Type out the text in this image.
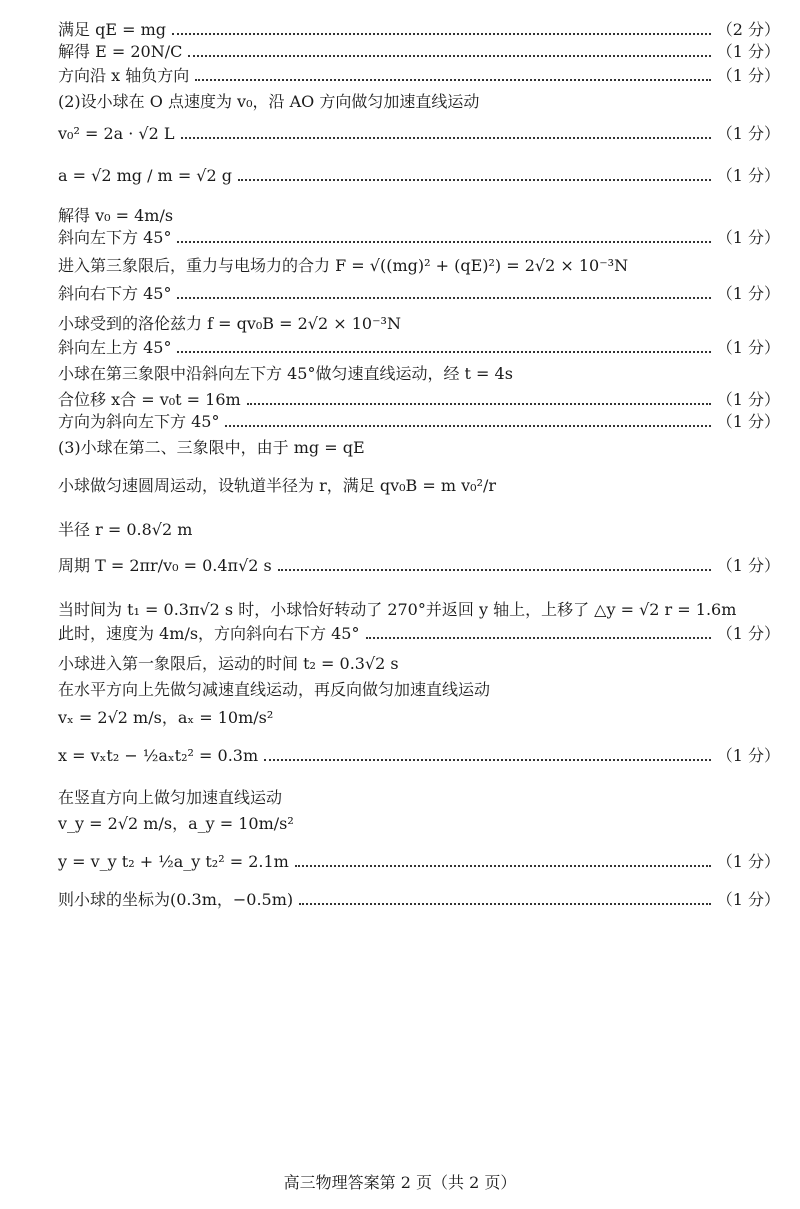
满足 qE = mg	（2 分）
解得 E = 20N/C	（1 分）
方向沿 x 轴负方向	（1 分）
(2)设小球在 O 点速度为 v₀，沿 AO 方向做匀加速直线运动
v₀² = 2a · √2 L	（1 分）
a = √2 mg / m = √2 g	（1 分）
解得 v₀ = 4m/s
斜向左下方 45°	（1 分）
进入第三象限后，重力与电场力的合力 F = √((mg)² + (qE)²) = 2√2 × 10⁻³N
斜向右下方 45°	（1 分）
小球受到的洛伦兹力 f = qv₀B = 2√2 × 10⁻³N
斜向左上方 45°	（1 分）
小球在第三象限中沿斜向左下方 45°做匀速直线运动，经 t = 4s
合位移 x合 = v₀t = 16m	（1 分）
方向为斜向左下方 45°	（1 分）
(3)小球在第二、三象限中，由于 mg = qE
小球做匀速圆周运动，设轨道半径为 r，满足 qv₀B = m v₀²/r
半径 r = 0.8√2 m
周期 T = 2πr/v₀ = 0.4π√2 s	（1 分）
当时间为 t₁ = 0.3π√2 s 时，小球恰好转动了 270°并返回 y 轴上，上移了 △y = √2 r = 1.6m
此时，速度为 4m/s，方向斜向右下方 45°	（1 分）
小球进入第一象限后，运动的时间 t₂ = 0.3√2 s
在水平方向上先做匀减速直线运动，再反向做匀加速直线运动
vₓ = 2√2 m/s，aₓ = 10m/s²
x = vₓt₂ − ½aₓt₂² = 0.3m	（1 分）
在竖直方向上做匀加速直线运动
v_y = 2√2 m/s，a_y = 10m/s²
y = v_y t₂ + ½a_y t₂² = 2.1m	（1 分）
则小球的坐标为(0.3m，−0.5m)	（1 分）
高三物理答案第 2 页（共 2 页）
